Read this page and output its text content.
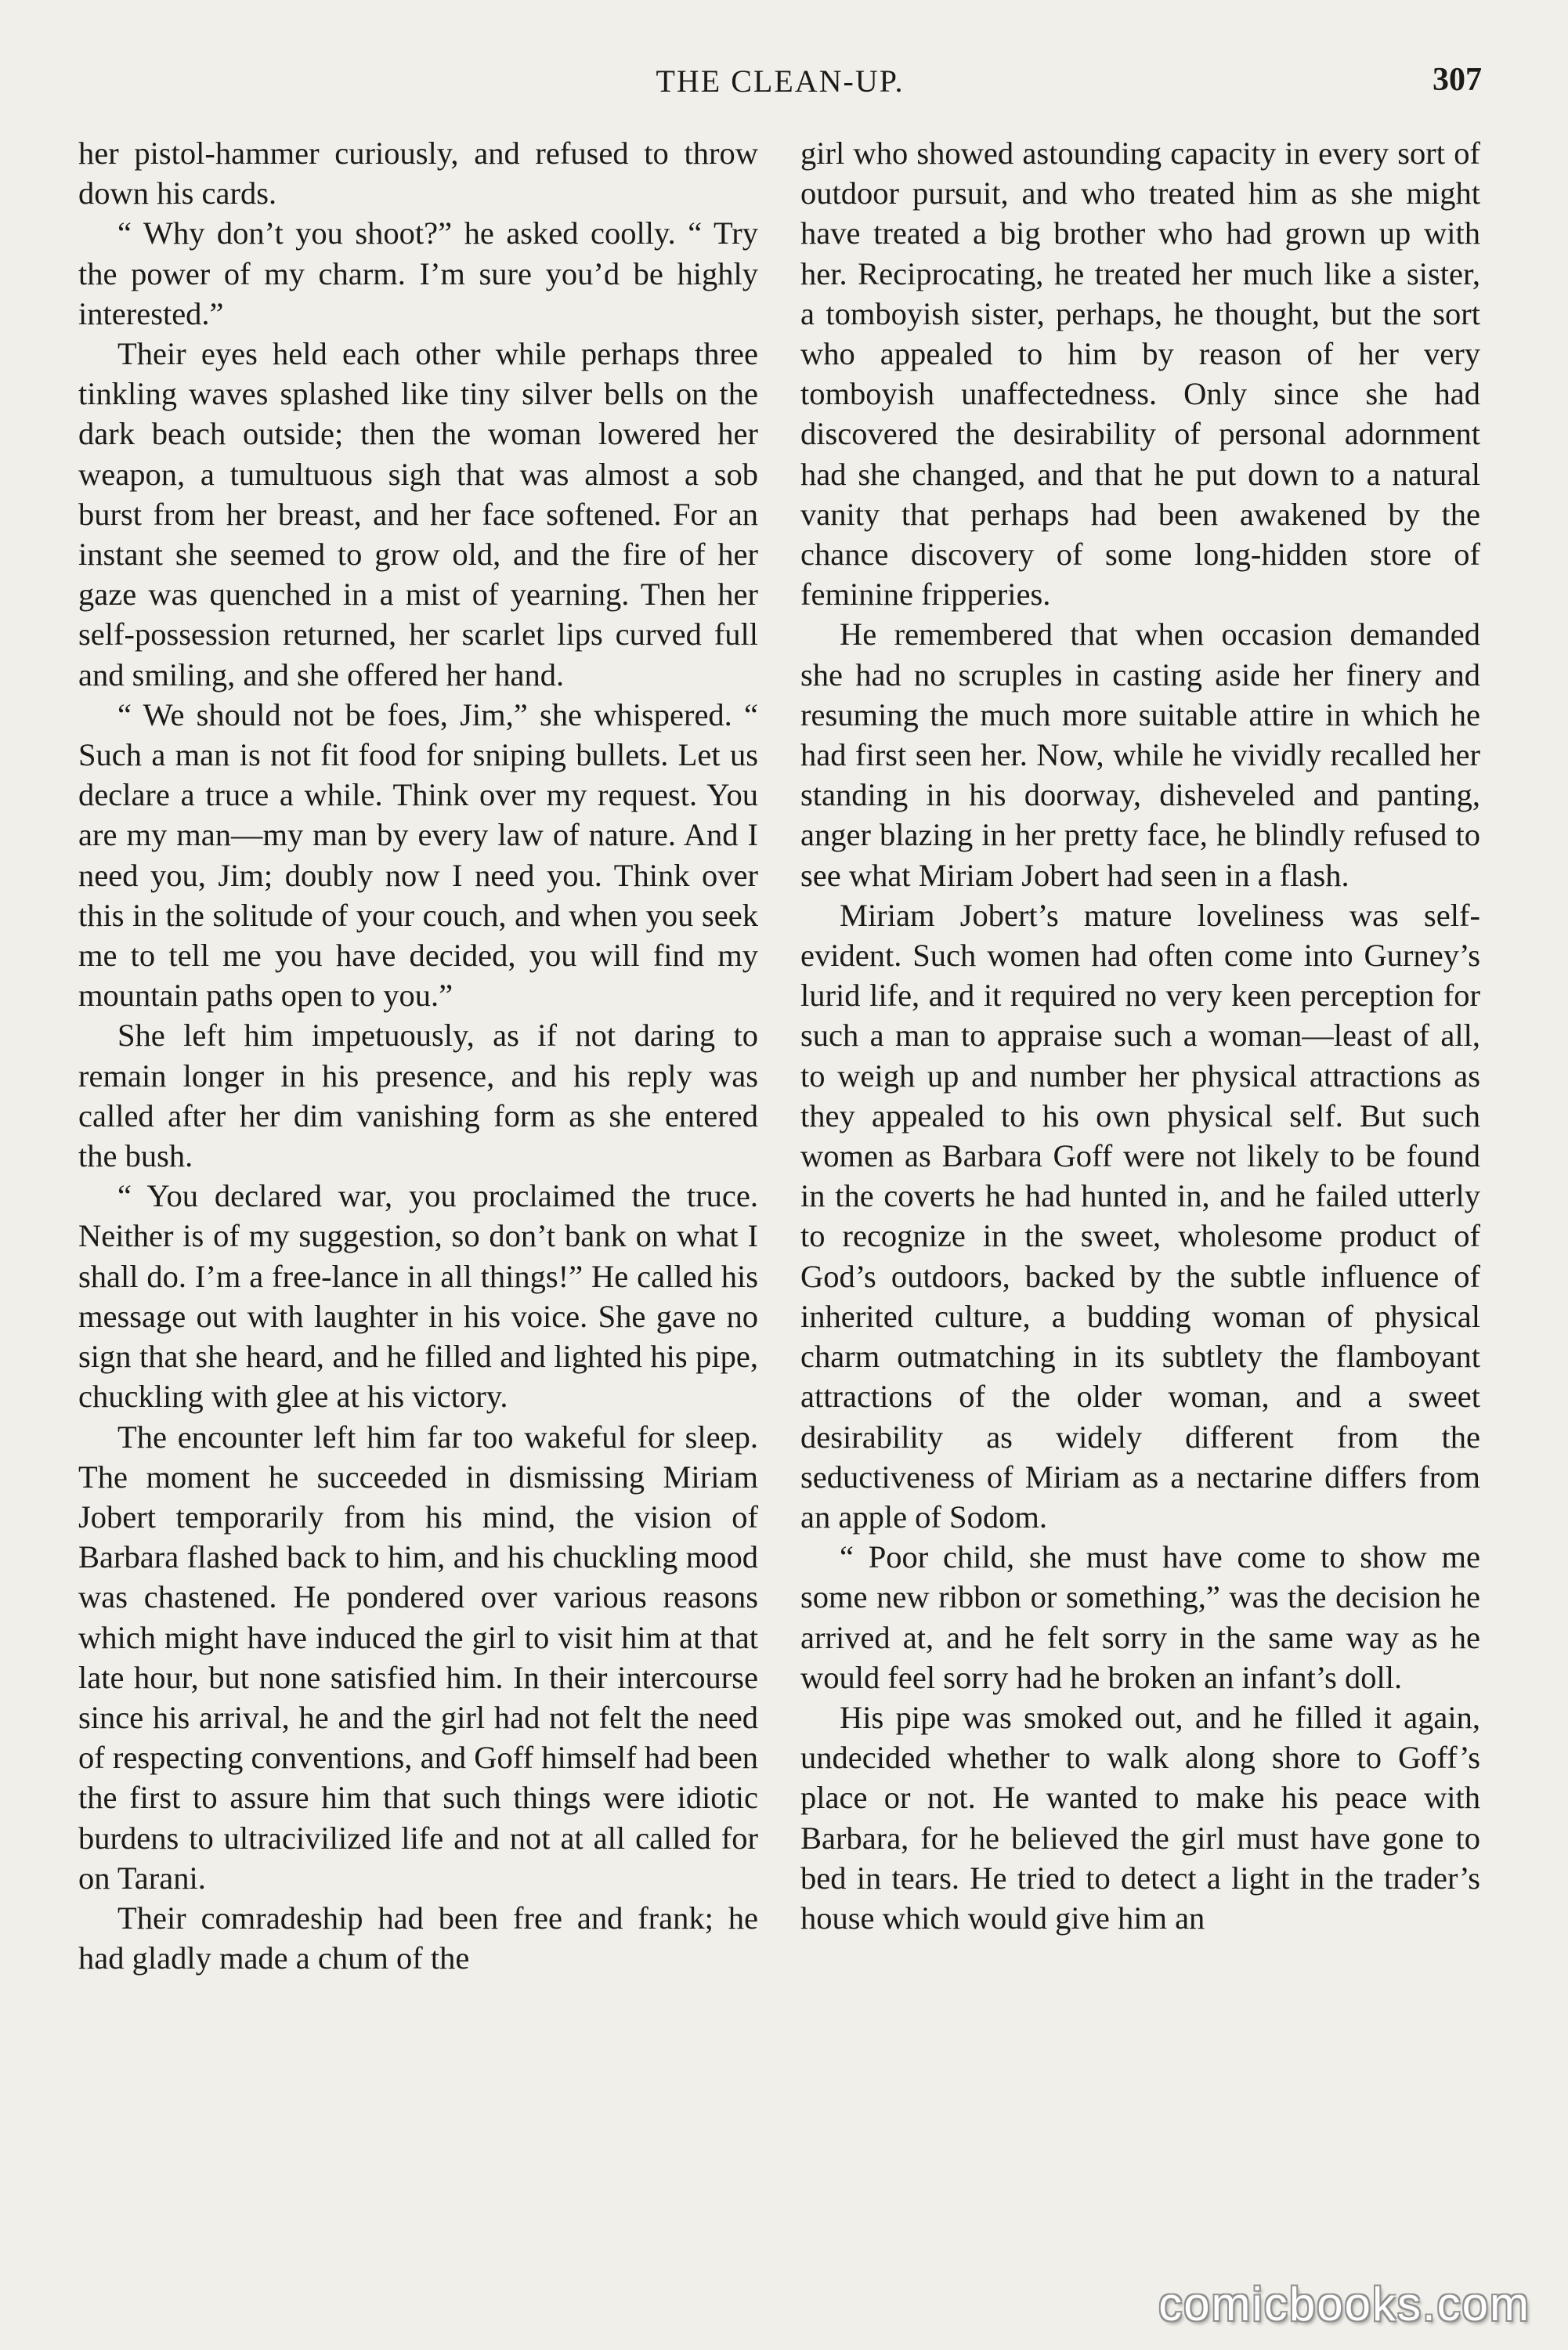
THE CLEAN-UP.	307

her pistol-hammer curiously, and refused to throw down his cards.

“ Why don’t you shoot?” he asked coolly. “ Try the power of my charm. I’m sure you’d be highly interested.”

Their eyes held each other while perhaps three tinkling waves splashed like tiny silver bells on the dark beach outside; then the woman lowered her weapon, a tumultuous sigh that was almost a sob burst from her breast, and her face softened. For an instant she seemed to grow old, and the fire of her gaze was quenched in a mist of yearning. Then her self-possession returned, her scarlet lips curved full and smiling, and she offered her hand.

“ We should not be foes, Jim,” she whispered. “ Such a man is not fit food for sniping bullets. Let us declare a truce a while. Think over my request. You are my man—my man by every law of nature. And I need you, Jim; doubly now I need you. Think over this in the solitude of your couch, and when you seek me to tell me you have decided, you will find my mountain paths open to you.”

She left him impetuously, as if not daring to remain longer in his presence, and his reply was called after her dim vanishing form as she entered the bush.

“ You declared war, you proclaimed the truce. Neither is of my suggestion, so don’t bank on what I shall do. I’m a free-lance in all things!” He called his message out with laughter in his voice. She gave no sign that she heard, and he filled and lighted his pipe, chuckling with glee at his victory.

The encounter left him far too wakeful for sleep. The moment he succeeded in dismissing Miriam Jobert temporarily from his mind, the vision of Barbara flashed back to him, and his chuckling mood was chastened. He pondered over various reasons which might have induced the girl to visit him at that late hour, but none satisfied him. In their intercourse since his arrival, he and the girl had not felt the need of respecting conventions, and Goff himself had been the first to assure him that such things were idiotic burdens to ultracivilized life and not at all called for on Tarani.

Their comradeship had been free and frank; he had gladly made a chum of the

girl who showed astounding capacity in every sort of outdoor pursuit, and who treated him as she might have treated a big brother who had grown up with her. Reciprocating, he treated her much like a sister, a tomboyish sister, perhaps, he thought, but the sort who appealed to him by reason of her very tomboyish unaffectedness. Only since she had discovered the desirability of personal adornment had she changed, and that he put down to a natural vanity that perhaps had been awakened by the chance discovery of some long-hidden store of feminine fripperies.

He remembered that when occasion demanded she had no scruples in casting aside her finery and resuming the much more suitable attire in which he had first seen her. Now, while he vividly recalled her standing in his doorway, disheveled and panting, anger blazing in her pretty face, he blindly refused to see what Miriam Jobert had seen in a flash.

Miriam Jobert’s mature loveliness was self-evident. Such women had often come into Gurney’s lurid life, and it required no very keen perception for such a man to appraise such a woman—least of all, to weigh up and number her physical attractions as they appealed to his own physical self. But such women as Barbara Goff were not likely to be found in the coverts he had hunted in, and he failed utterly to recognize in the sweet, wholesome product of God’s outdoors, backed by the subtle influence of inherited culture, a budding woman of physical charm outmatching in its subtlety the flamboyant attractions of the older woman, and a sweet desirability as widely different from the seductiveness of Miriam as a nectarine differs from an apple of Sodom.

“ Poor child, she must have come to show me some new ribbon or something,” was the decision he arrived at, and he felt sorry in the same way as he would feel sorry had he broken an infant’s doll.

His pipe was smoked out, and he filled it again, undecided whether to walk along shore to Goff’s place or not. He wanted to make his peace with Barbara, for he believed the girl must have gone to bed in tears. He tried to detect a light in the trader’s house which would give him an

comicbooks.com
